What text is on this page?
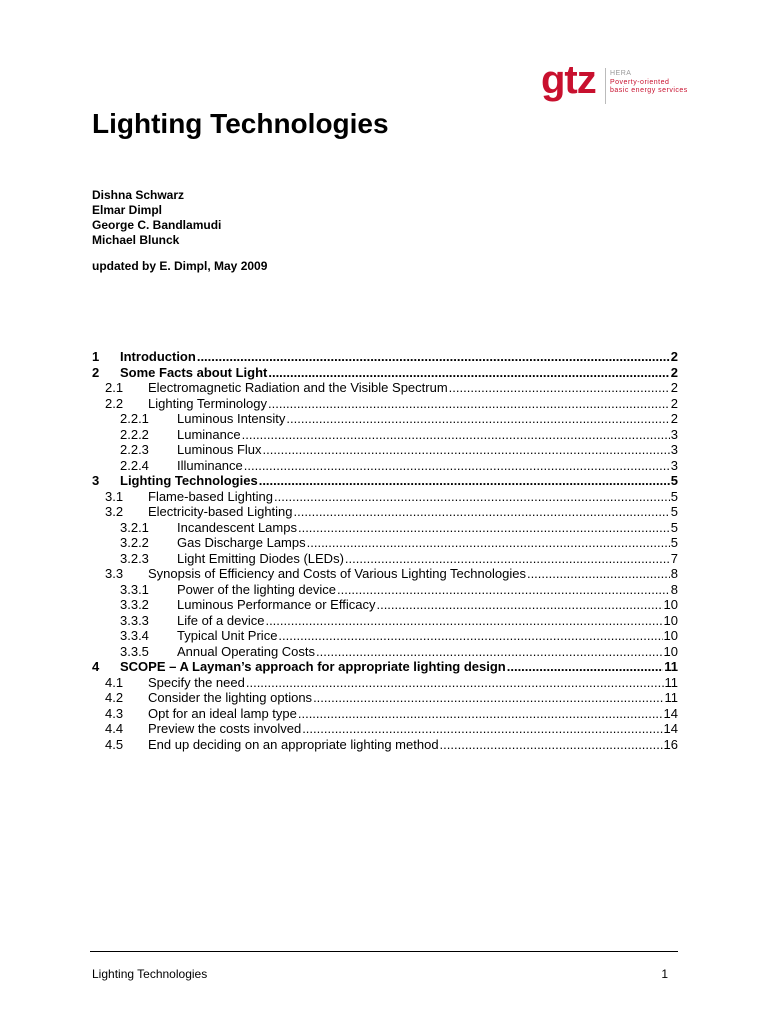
gtz HERA
Poverty-oriented
basic energy services
Lighting Technologies
Dishna Schwarz
Elmar Dimpl
George C. Bandlamudi
Michael Blunck
updated by E. Dimpl, May 2009
1 Introduction .....	2
2 Some Facts about Light .....	2
2.1 Electromagnetic Radiation and the Visible Spectrum .....	2
2.2 Lighting Terminology .....	2
2.2.1 Luminous Intensity .....	2
2.2.2 Luminance .....	3
2.2.3 Luminous Flux .....	3
2.2.4 Illuminance .....	3
3 Lighting Technologies .....	5
3.1 Flame-based Lighting .....	5
3.2 Electricity-based Lighting .....	5
3.2.1 Incandescent Lamps .....	5
3.2.2 Gas Discharge Lamps .....	5
3.2.3 Light Emitting Diodes (LEDs) .....	7
3.3 Synopsis of Efficiency and Costs of Various Lighting Technologies .....	8
3.3.1 Power of the lighting device .....	8
3.3.2 Luminous Performance or Efficacy .....	10
3.3.3 Life of a device .....	10
3.3.4 Typical Unit Price .....	10
3.3.5 Annual Operating Costs .....	10
4 SCOPE – A Layman’s approach for appropriate lighting design .....	11
4.1 Specify the need .....	11
4.2 Consider the lighting options .....	11
4.3 Opt for an ideal lamp type .....	14
4.4 Preview the costs involved .....	14
4.5 End up deciding on an appropriate lighting method .....	16
Lighting Technologies	1
